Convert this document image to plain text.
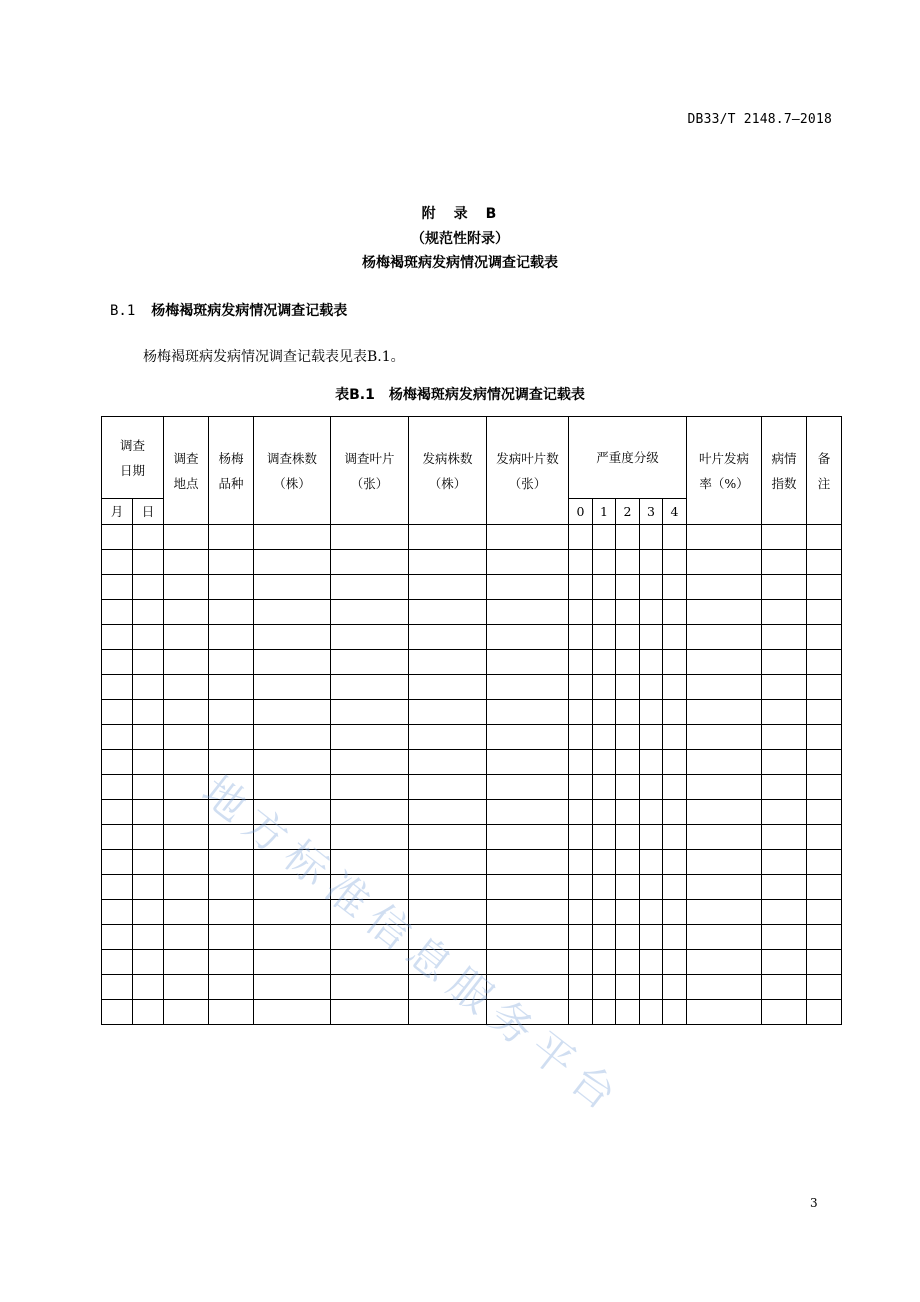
DB33/T 2148.7—2018
附　录　B
（规范性附录）
杨梅褐斑病发病情况调查记载表
B.1 杨梅褐斑病发病情况调查记载表
杨梅褐斑病发病情况调查记载表见表B.1。
表B.1 杨梅褐斑病发病情况调查记载表
调查日期		调查地点	杨梅品种	调查株数（株）	调查叶片（张）	发病株数（株）	发病叶片数（张）	严重度分级					叶片发病率（%）	病情指数	备注

月	日							0	1	2	3	4			

地方标准信息服务平台
3
